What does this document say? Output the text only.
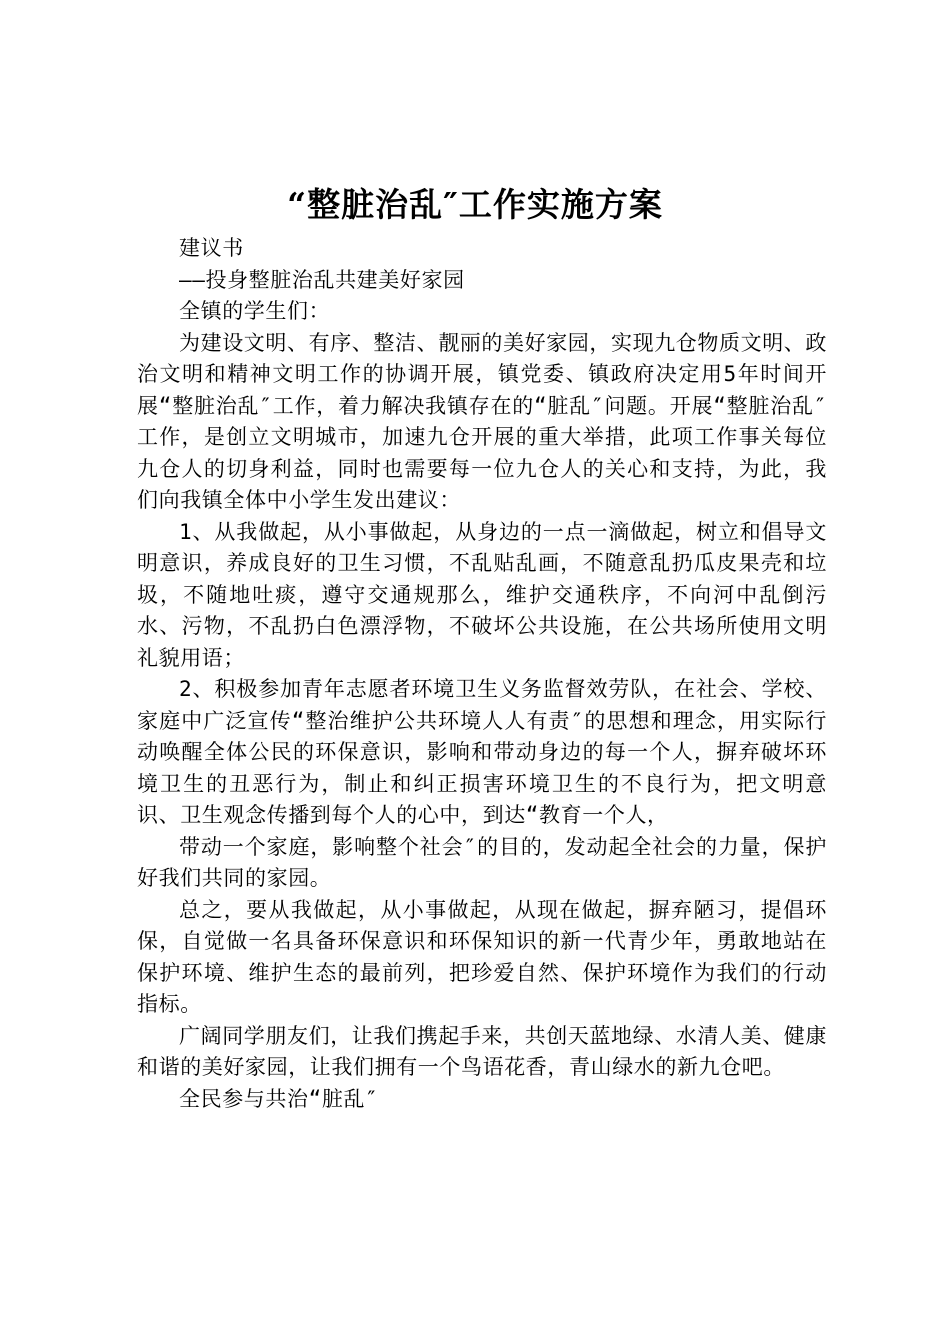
“整脏治乱″工作实施方案

建议书

——投身整脏治乱共建美好家园

全镇的学生们：

为建设文明、有序、整洁、靓丽的美好家园，实现九仓物质文明、政治文明和精神文明工作的协调开展，镇党委、镇政府决定用5年时间开展“整脏治乱″工作，着力解决我镇存在的“脏乱″问题。开展“整脏治乱″工作，是创立文明城市，加速九仓开展的重大举措，此项工作事关每位九仓人的切身利益，同时也需要每一位九仓人的关心和支持，为此，我们向我镇全体中小学生发出建议：

1、从我做起，从小事做起，从身边的一点一滴做起，树立和倡导文明意识，养成良好的卫生习惯，不乱贴乱画，不随意乱扔瓜皮果壳和垃圾，不随地吐痰，遵守交通规那么，维护交通秩序，不向河中乱倒污水、污物，不乱扔白色漂浮物，不破坏公共设施，在公共场所使用文明礼貌用语；

2、积极参加青年志愿者环境卫生义务监督效劳队，在社会、学校、家庭中广泛宣传“整治维护公共环境人人有责″的思想和理念，用实际行动唤醒全体公民的环保意识，影响和带动身边的每一个人，摒弃破坏环境卫生的丑恶行为，制止和纠正损害环境卫生的不良行为，把文明意识、卫生观念传播到每个人的心中，到达“教育一个人，

带动一个家庭，影响整个社会″的目的，发动起全社会的力量，保护好我们共同的家园。

总之，要从我做起，从小事做起，从现在做起，摒弃陋习，提倡环保，自觉做一名具备环保意识和环保知识的新一代青少年，勇敢地站在保护环境、维护生态的最前列，把珍爱自然、保护环境作为我们的行动指标。

广阔同学朋友们，让我们携起手来，共创天蓝地绿、水清人美、健康和谐的美好家园，让我们拥有一个鸟语花香，青山绿水的新九仓吧。

全民参与共治“脏乱″
